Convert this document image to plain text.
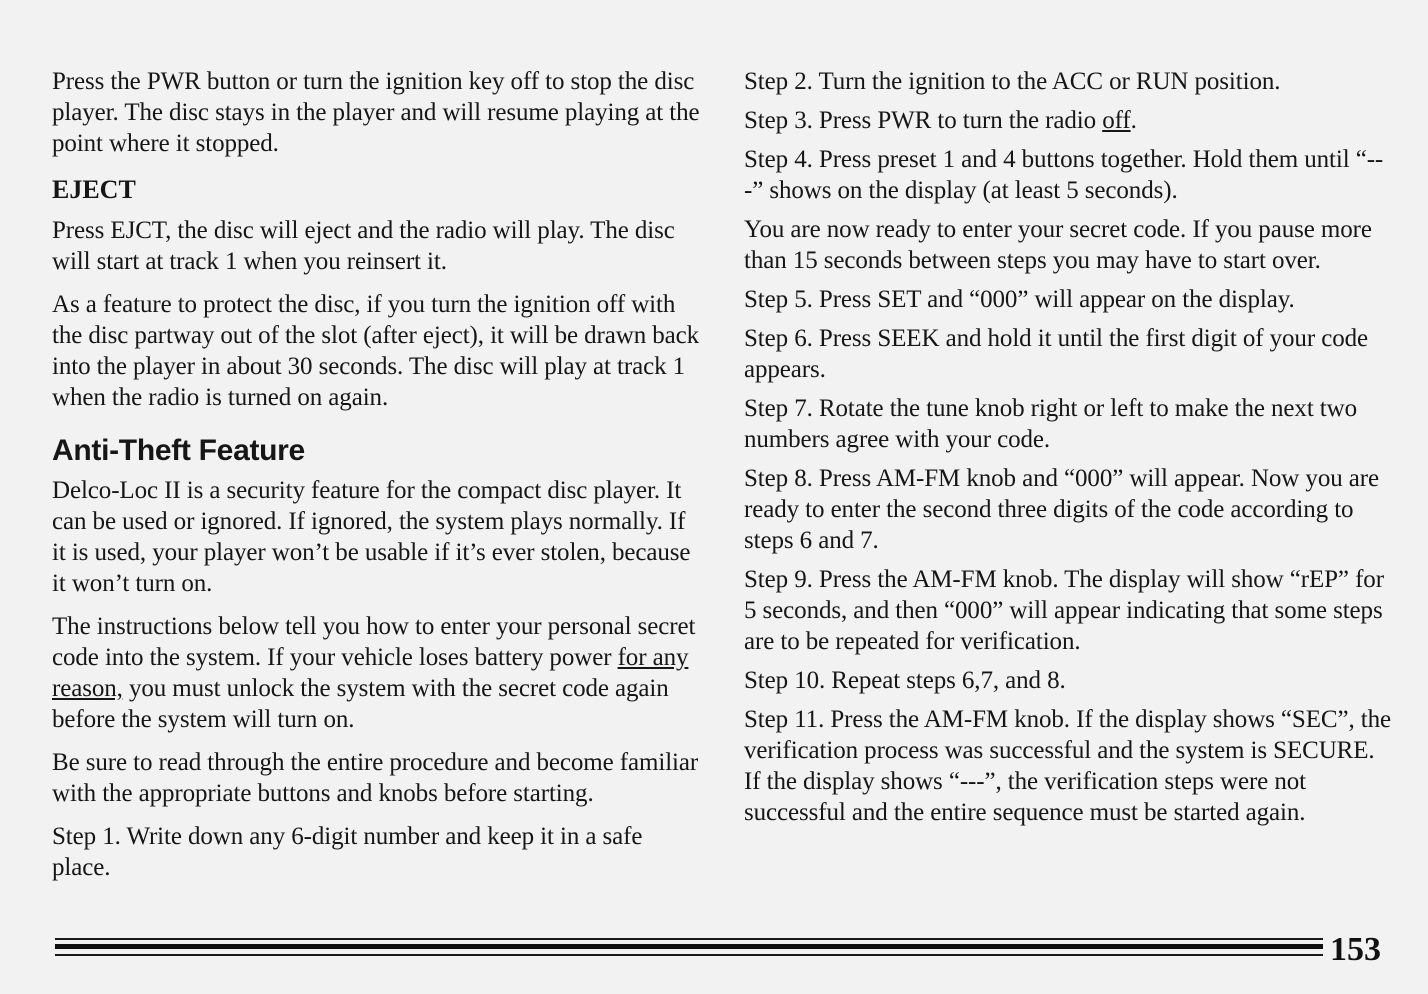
Press the PWR button or turn the ignition key off to stop the disc player. The disc stays in the player and will resume playing at the point where it stopped.

EJECT

Press EJCT, the disc will eject and the radio will play. The disc will start at track 1 when you reinsert it.

As a feature to protect the disc, if you turn the ignition off with the disc partway out of the slot (after eject), it will be drawn back into the player in about 30 seconds. The disc will play at track 1 when the radio is turned on again.

Anti-Theft Feature

Delco-Loc II is a security feature for the compact disc player. It can be used or ignored. If ignored, the system plays normally. If it is used, your player won’t be usable if it’s ever stolen, because it won’t turn on.

The instructions below tell you how to enter your personal secret code into the system. If your vehicle loses battery power for any reason, you must unlock the system with the secret code again before the system will turn on.

Be sure to read through the entire procedure and become familiar with the appropriate buttons and knobs before starting.

Step 1. Write down any 6-digit number and keep it in a safe place.

Step 2. Turn the ignition to the ACC or RUN position.

Step 3. Press PWR to turn the radio off.

Step 4. Press preset 1 and 4 buttons together. Hold them until “---” shows on the display (at least 5 seconds).

You are now ready to enter your secret code. If you pause more than 15 seconds between steps you may have to start over.

Step 5. Press SET and “000” will appear on the display.

Step 6. Press SEEK and hold it until the first digit of your code appears.

Step 7. Rotate the tune knob right or left to make the next two numbers agree with your code.

Step 8. Press AM-FM knob and “000” will appear. Now you are ready to enter the second three digits of the code according to steps 6 and 7.

Step 9. Press the AM-FM knob. The display will show “rEP” for 5 seconds, and then “000” will appear indicating that some steps are to be repeated for verification.

Step 10. Repeat steps 6,7, and 8.

Step 11. Press the AM-FM knob. If the display shows “SEC”, the verification process was successful and the system is SECURE. If the display shows “---”, the verification steps were not successful and the entire sequence must be started again.

153
